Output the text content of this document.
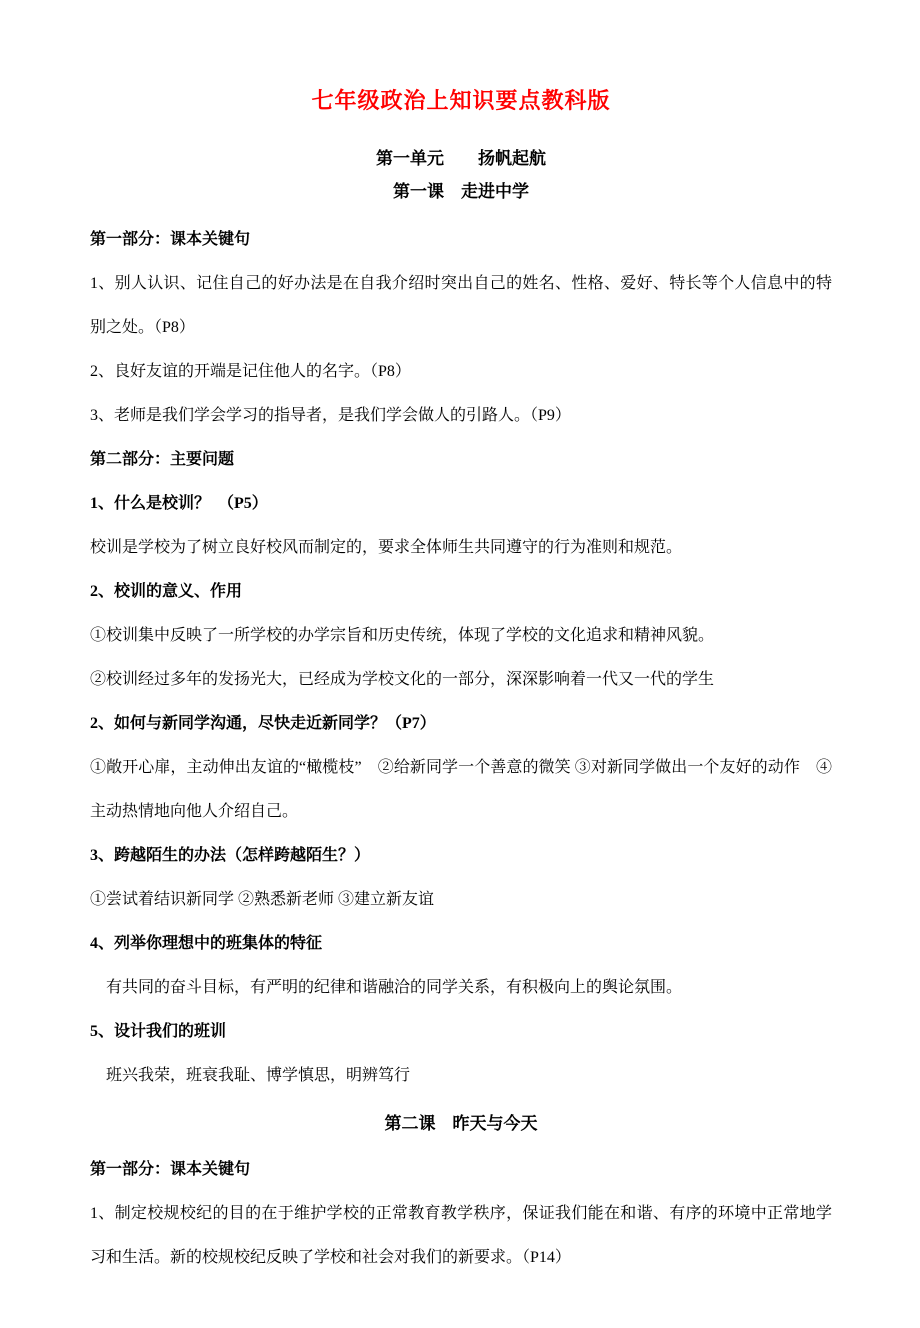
七年级政治上知识要点教科版

第一单元　　扬帆起航

第一课　走进中学

第一部分：课本关键句

1、别人认识、记住自己的好办法是在自我介绍时突出自己的姓名、性格、爱好、特长等个人信息中的特别之处。（P8）

2、良好友谊的开端是记住他人的名字。（P8）

3、老师是我们学会学习的指导者，是我们学会做人的引路人。（P9）

第二部分：主要问题

1、什么是校训？　（P5）

校训是学校为了树立良好校风而制定的，要求全体师生共同遵守的行为准则和规范。

2、校训的意义、作用

①校训集中反映了一所学校的办学宗旨和历史传统，体现了学校的文化追求和精神风貌。

②校训经过多年的发扬光大，已经成为学校文化的一部分，深深影响着一代又一代的学生

2、如何与新同学沟通，尽快走近新同学？（P7）

①敞开心扉，主动伸出友谊的“橄榄枝”　②给新同学一个善意的微笑 ③对新同学做出一个友好的动作　④主动热情地向他人介绍自己。

3、跨越陌生的办法（怎样跨越陌生？）

①尝试着结识新同学 ②熟悉新老师 ③建立新友谊

4、列举你理想中的班集体的特征

　有共同的奋斗目标，有严明的纪律和谐融洽的同学关系，有积极向上的舆论氛围。

5、设计我们的班训

　班兴我荣，班衰我耻、博学慎思，明辨笃行

第二课　昨天与今天

第一部分：课本关键句

1、制定校规校纪的目的在于维护学校的正常教育教学秩序，保证我们能在和谐、有序的环境中正常地学习和生活。新的校规校纪反映了学校和社会对我们的新要求。（P14）
